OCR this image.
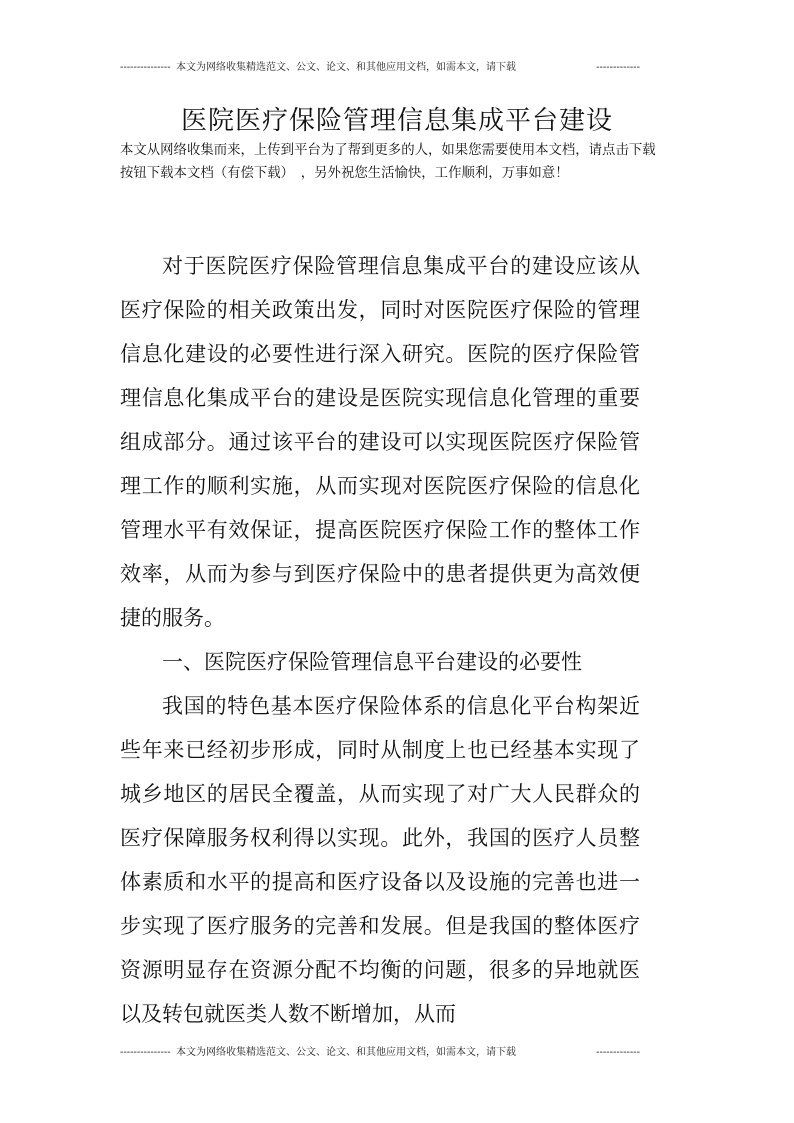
--------------- 本文为网络收集精选范文、公文、论文、和其他应用文档，如需本文，请下载	-------------
医院医疗保险管理信息集成平台建设

本文从网络收集而来，上传到平台为了帮到更多的人，如果您需要使用本文档，请点击下载按钮下载本文档（有偿下载）　，另外祝您生活愉快，工作顺利，万事如意！

对于医院医疗保险管理信息集成平台的建设应该从医疗保险的相关政策出发，同时对医院医疗保险的管理信息化建设的必要性进行深入研究。医院的医疗保险管理信息化集成平台的建设是医院实现信息化管理的重要组成部分。通过该平台的建设可以实现医院医疗保险管理工作的顺利实施，从而实现对医院医疗保险的信息化管理水平有效保证，提高医院医疗保险工作的整体工作效率，从而为参与到医疗保险中的患者提供更为高效便捷的服务。

一、医院医疗保险管理信息平台建设的必要性

我国的特色基本医疗保险体系的信息化平台构架近些年来已经初步形成，同时从制度上也已经基本实现了城乡地区的居民全覆盖，从而实现了对广大人民群众的医疗保障服务权利得以实现。此外，我国的医疗人员整体素质和水平的提高和医疗设备以及设施的完善也进一步实现了医疗服务的完善和发展。但是我国的整体医疗资源明显存在资源分配不均衡的问题，很多的异地就医以及转包就医类人数不断增加，从而

--------------- 本文为网络收集精选范文、公文、论文、和其他应用文档，如需本文，请下载	-------------
